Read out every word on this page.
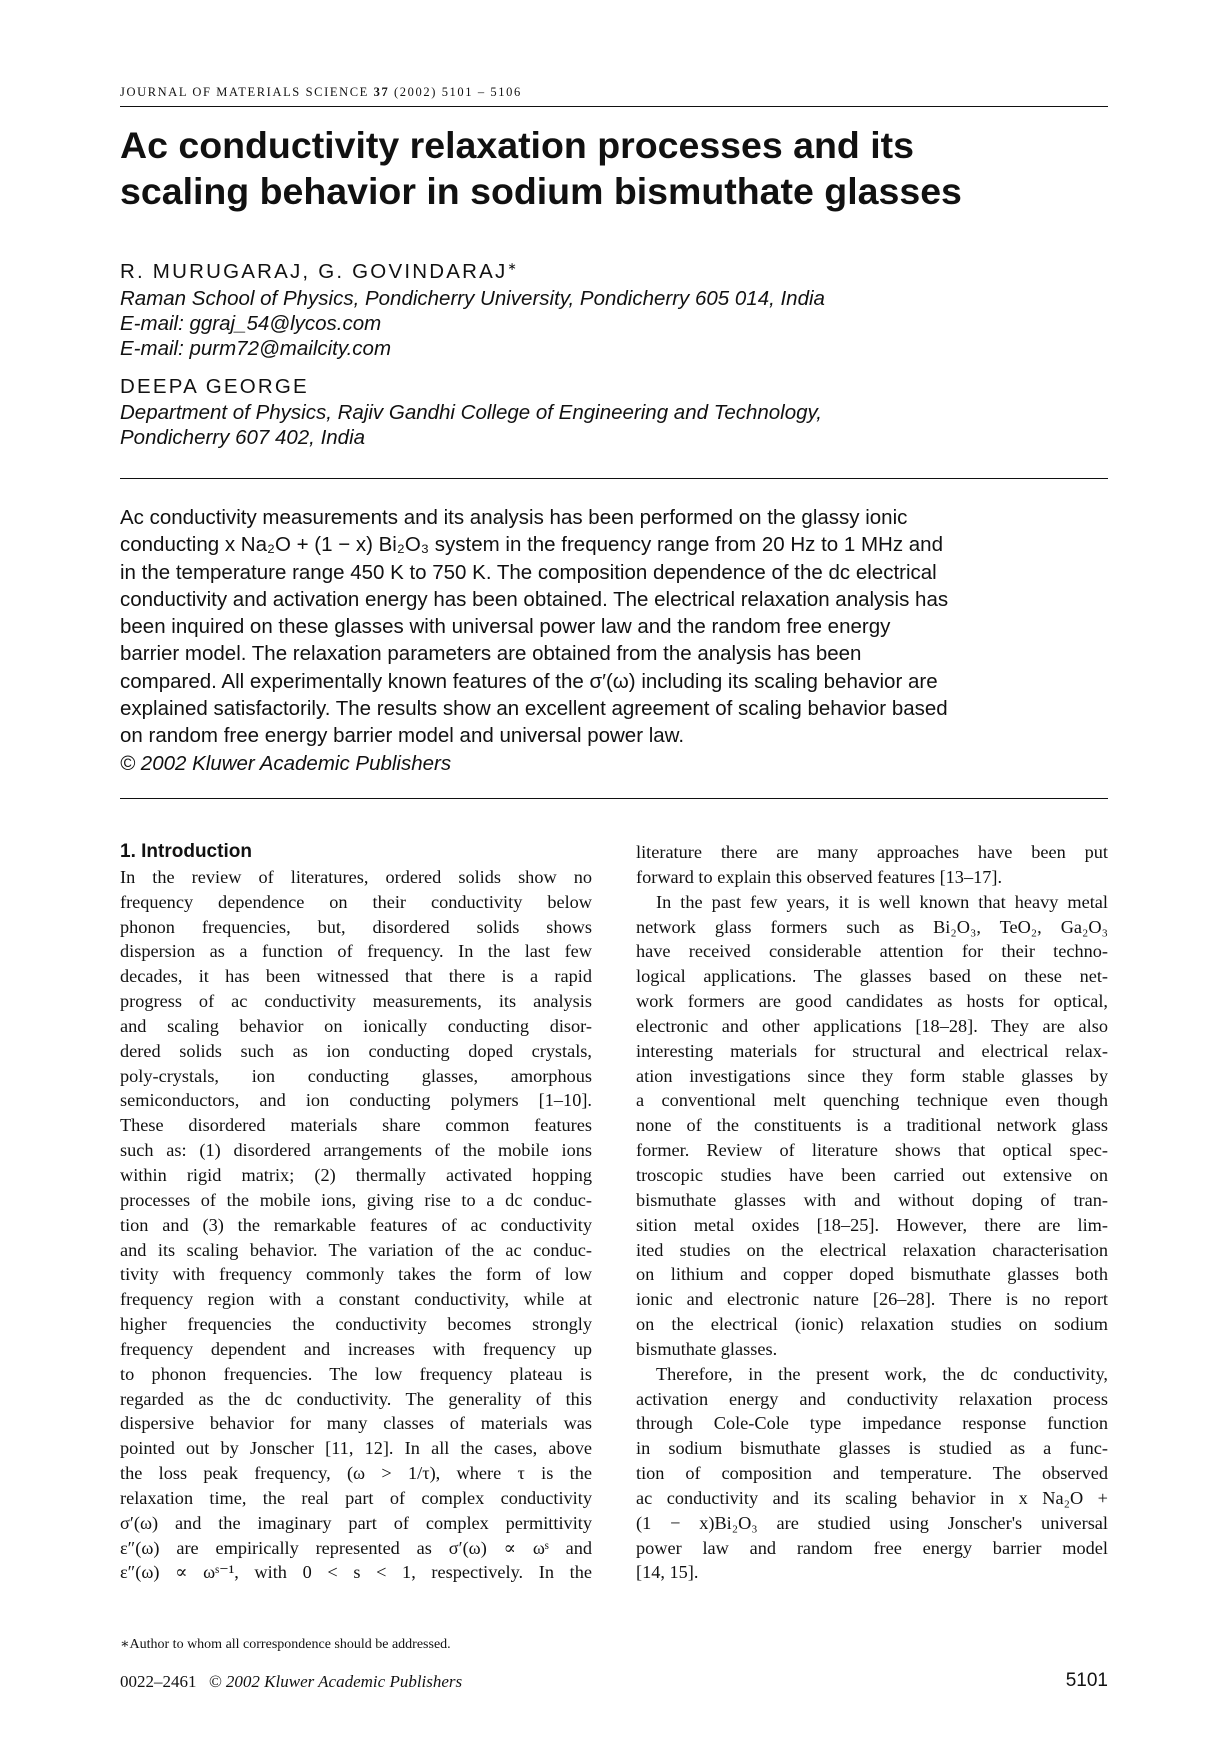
JOURNAL OF MATERIALS SCIENCE 37 (2002) 5101 – 5106
Ac conductivity relaxation processes and its
scaling behavior in sodium bismuthate glasses
R. MURUGARAJ, G. GOVINDARAJ∗
Raman School of Physics, Pondicherry University, Pondicherry 605 014, India
E-mail: ggraj_54@lycos.com
E-mail: purm72@mailcity.com
DEEPA GEORGE
Department of Physics, Rajiv Gandhi College of Engineering and Technology,
Pondicherry 607 402, India
Ac conductivity measurements and its analysis has been performed on the glassy ionic
conducting x Na₂O + (1 − x) Bi₂O₃ system in the frequency range from 20 Hz to 1 MHz and
in the temperature range 450 K to 750 K. The composition dependence of the dc electrical
conductivity and activation energy has been obtained. The electrical relaxation analysis has
been inquired on these glasses with universal power law and the random free energy
barrier model. The relaxation parameters are obtained from the analysis has been
compared. All experimentally known features of the σ′(ω) including its scaling behavior are
explained satisfactorily. The results show an excellent agreement of scaling behavior based
on random free energy barrier model and universal power law.
© 2002 Kluwer Academic Publishers
1. Introduction
In the review of literatures, ordered solids show no
frequency dependence on their conductivity below
phonon frequencies, but, disordered solids shows
dispersion as a function of frequency. In the last few
decades, it has been witnessed that there is a rapid
progress of ac conductivity measurements, its analysis
and scaling behavior on ionically conducting disor-
dered solids such as ion conducting doped crystals,
poly-crystals, ion conducting glasses, amorphous
semiconductors, and ion conducting polymers [1–10].
These disordered materials share common features
such as: (1) disordered arrangements of the mobile ions
within rigid matrix; (2) thermally activated hopping
processes of the mobile ions, giving rise to a dc conduc-
tion and (3) the remarkable features of ac conductivity
and its scaling behavior. The variation of the ac conduc-
tivity with frequency commonly takes the form of low
frequency region with a constant conductivity, while at
higher frequencies the conductivity becomes strongly
frequency dependent and increases with frequency up
to phonon frequencies. The low frequency plateau is
regarded as the dc conductivity. The generality of this
dispersive behavior for many classes of materials was
pointed out by Jonscher [11, 12]. In all the cases, above
the loss peak frequency, (ω > 1/τ), where τ is the
relaxation time, the real part of complex conductivity
σ′(ω) and the imaginary part of complex permittivity
ε″(ω) are empirically represented as σ′(ω) ∝ ωˢ and
ε″(ω) ∝ ωˢ⁻¹, with 0 < s < 1, respectively. In the
literature there are many approaches have been put
forward to explain this observed features [13–17].
In the past few years, it is well known that heavy metal
network glass formers such as Bi₂O₃, TeO₂, Ga₂O₃
have received considerable attention for their techno-
logical applications. The glasses based on these net-
work formers are good candidates as hosts for optical,
electronic and other applications [18–28]. They are also
interesting materials for structural and electrical relax-
ation investigations since they form stable glasses by
a conventional melt quenching technique even though
none of the constituents is a traditional network glass
former. Review of literature shows that optical spec-
troscopic studies have been carried out extensive on
bismuthate glasses with and without doping of tran-
sition metal oxides [18–25]. However, there are lim-
ited studies on the electrical relaxation characterisation
on lithium and copper doped bismuthate glasses both
ionic and electronic nature [26–28]. There is no report
on the electrical (ionic) relaxation studies on sodium
bismuthate glasses.
Therefore, in the present work, the dc conductivity,
activation energy and conductivity relaxation process
through Cole-Cole type impedance response function
in sodium bismuthate glasses is studied as a func-
tion of composition and temperature. The observed
ac conductivity and its scaling behavior in x Na₂O +
(1 − x)Bi₂O₃ are studied using Jonscher's universal
power law and random free energy barrier model
[14, 15].
∗Author to whom all correspondence should be addressed.
0022–2461 © 2002 Kluwer Academic Publishers	5101
